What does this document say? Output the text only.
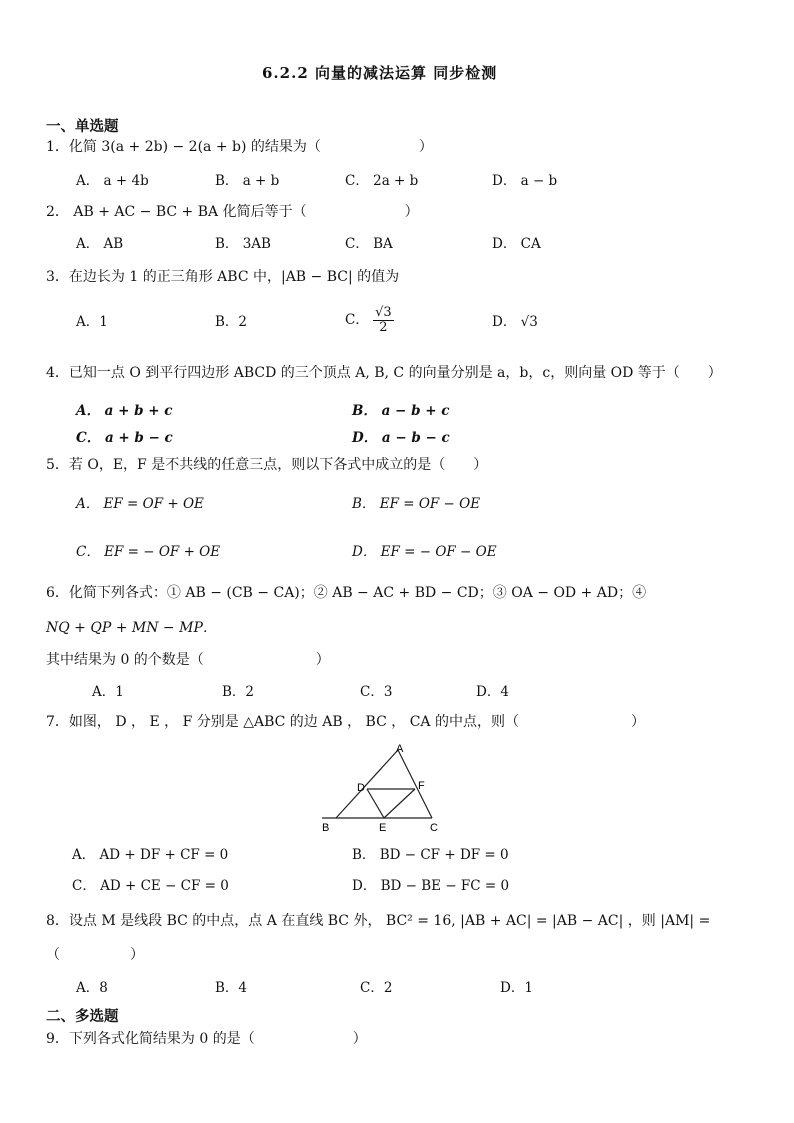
6.2.2 向量的减法运算 同步检测
一、单选题
1．化简 3(a + 2b) − 2(a + b) 的结果为（　　　　　　　）
A． a + 4b	B． a + b	C． 2a + b	D． a − b
2． AB + AC − BC + BA 化简后等于（　　　　　　　）
A． AB	B． 3AB	C． BA	D． CA
3．在边长为 1 的正三角形 ABC 中，|AB − BC| 的值为
A．1	B．2	C． $\frac{√3}{2}$	D． √3
4．已知一点 O 到平行四边形 ABCD 的三个顶点 A, B, C 的向量分别是 a，b，c，则向量 OD 等于（　　）
A． a + b + c	B． a − b + c
C． a + b − c	D． a − b − c
5．若 O，E，F 是不共线的任意三点，则以下各式中成立的是（　　）
A． EF = OF + OE	B． EF = OF − OE
C． EF = − OF + OE	D． EF = − OF − OE
6．化简下列各式：① AB − (CB − CA)；② AB − AC + BD − CD；③ OA − OD + AD；④
NQ + QP + MN − MP．
其中结果为 0 的个数是（　　　　　　　　）
A．1	B．2	C．3	D．4
7．如图， D ， E ， F 分别是 △ABC 的边 AB ， BC ， CA 的中点，则（　　　　　　　　）
A
B	C
D
E
F
A． AD + DF + CF = 0	B． BD − CF + DF = 0
C． AD + CE − CF = 0	D． BD − BE − FC = 0
8．设点 M 是线段 BC 的中点，点 A 在直线 BC 外， BC² = 16, |AB + AC| = |AB − AC| ，则 |AM| =
（　　　　　）
A．8	B．4	C．2	D．1
二、多选题
9．下列各式化简结果为 0 的是（　　　　　　　）
